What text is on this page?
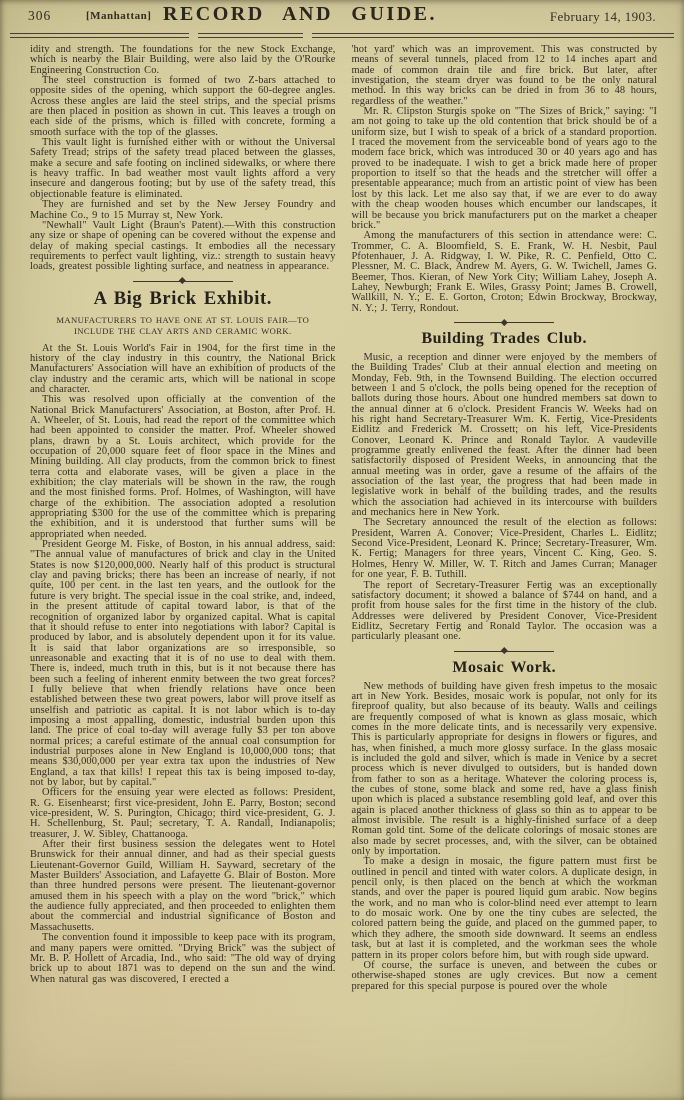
306	[Manhattan] RECORD AND GUIDE.	February 14, 1903.

idity and strength. The foundations for the new Stock Exchange, which is nearby the Blair Building, were also laid by the O'Rourke Engineering Construction Co.

The steel construction is formed of two Z-bars attached to opposite sides of the opening, which support the 60-degree angles. Across these angles are laid the steel strips, and the special prisms are then placed in position as shown in cut. This leaves a trough on each side of the prisms, which is filled with concrete, forming a smooth surface with the top of the glasses.

This vault light is furnished either with or without the Universal Safety Tread; strips of the safety tread placed between the glasses, make a secure and safe footing on inclined sidewalks, or where there is heavy traffic. In bad weather most vault lights afford a very insecure and dangerous footing; but by use of the safety tread, this objectionable feature is eliminated.

They are furnished and set by the New Jersey Foundry and Machine Co., 9 to 15 Murray st, New York.

"Newhall" Vault Light (Braun's Patent).—With this construction any size or shape of opening can be covered without the expense and delay of making special castings. It embodies all the necessary requirements to perfect vault lighting, viz.: strength to sustain heavy loads, greatest possible lighting surface, and neatness in appearance.

A Big Brick Exhibit.
MANUFACTURERS TO HAVE ONE AT ST. LOUIS FAIR—TO INCLUDE THE CLAY ARTS AND CERAMIC WORK.

At the St. Louis World's Fair in 1904, for the first time in the history of the clay industry in this country, the National Brick Manufacturers' Association will have an exhibition of products of the clay industry and the ceramic arts, which will be national in scope and character.

This was resolved upon officially at the convention of the National Brick Manufacturers' Association, at Boston, after Prof. H. A. Wheeler, of St. Louis, had read the report of the committee which had been appointed to consider the matter. Prof. Wheeler showed plans, drawn by a St. Louis architect, which provide for the occupation of 20,000 square feet of floor space in the Mines and Mining building. All clay products, from the common brick to finest terra cotta and elaborate vases, will be given a place in the exhibition; the clay materials will be shown in the raw, the rough and the most finished forms. Prof. Holmes, of Washington, will have charge of the exhibition. The association adopted a resolution appropriating $300 for the use of the committee which is preparing the exhibition, and it is understood that further sums will be appropriated when needed.

President George M. Fiske, of Boston, in his annual address, said: "The annual value of manufactures of brick and clay in the United States is now $120,000,000. Nearly half of this product is structural clay and paving bricks; there has been an increase of nearly, if not quite, 100 per cent. in the last ten years, and the outlook for the future is very bright. The special issue in the coal strike, and, indeed, in the present attitude of capital toward labor, is that of the recognition of organized labor by organized capital. What is capital that it should refuse to enter into negotiations with labor? Capital is produced by labor, and is absolutely dependent upon it for its value. It is said that labor organizations are so irresponsible, so unreasonable and exacting that it is of no use to deal with them. There is, indeed, much truth in this, but is it not because there has been such a feeling of inherent enmity between the two great forces? I fully believe that when friendly relations have once been established between these two great powers, labor will prove itself as unselfish and patriotic as capital. It is not labor which is to-day imposing a most appalling, domestic, industrial burden upon this land. The price of coal to-day will average fully $3 per ton above normal prices; a careful estimate of the annual coal consumption for industrial purposes alone in New England is 10,000,000 tons; that means $30,000,000 per year extra tax upon the industries of New England, a tax that kills! I repeat this tax is being imposed to-day, not by labor, but by capital."

Officers for the ensuing year were elected as follows: President, R. G. Eisenhearst; first vice-president, John E. Parry, Boston; second vice-president, W. S. Purington, Chicago; third vice-president, G. J. H. Schellenburg, St. Paul; secretary, T. A. Randall, Indianapolis; treasurer, J. W. Sibley, Chattanooga.

After their first business session the delegates went to Hotel Brunswick for their annual dinner, and had as their special guests Lieutenant-Governor Guild, William H. Sayward, secretary of the Master Builders' Association, and Lafayette G. Blair of Boston. More than three hundred persons were present. The lieutenant-governor amused them in his speech with a play on the word "brick," which the audience fully appreciated, and then proceeded to enlighten them about the commercial and industrial significance of Boston and Massachusetts.

The convention found it impossible to keep pace with its program, and many papers were omitted. "Drying Brick" was the subject of Mr. B. P. Hollett of Arcadia, Ind., who said: "The old way of drying brick up to about 1871 was to depend on the sun and the wind. When natural gas was discovered, I erected a

'hot yard' which was an improvement. This was constructed by means of several tunnels, placed from 12 to 14 inches apart and made of common drain tile and fire brick. But later, after investigation, the steam dryer was found to be the only natural method. In this way bricks can be dried in from 36 to 48 hours, regardless of the weather."

Mr. R. Clipston Sturgis spoke on "The Sizes of Brick," saying: "I am not going to take up the old contention that brick should be of a uniform size, but I wish to speak of a brick of a standard proportion. I traced the movement from the serviceable bond of years ago to the modern face brick, which was introduced 30 or 40 years ago and has proved to be inadequate. I wish to get a brick made here of proper proportion to itself so that the heads and the stretcher will offer a presentable appearance; much from an artistic point of view has been lost by this lack. Let me also say that, if we are ever to do away with the cheap wooden houses which encumber our landscapes, it will be because you brick manufacturers put on the market a cheaper brick."

Among the manufacturers of this section in attendance were: C. Trommer, C. A. Bloomfield, S. E. Frank, W. H. Nesbit, Paul Pfotenhauer, J. A. Ridgway, I. W. Pike, R. C. Penfield, Otto C. Plessner, M. C. Black, Andrew M. Ayers, G. W. Twichell, James G. Beemer, Thos. Kieran, of New York City; William Lahey, Joseph A. Lahey, Newburgh; Frank E. Wiles, Grassy Point; James B. Crowell, Wallkill, N. Y.; E. E. Gorton, Croton; Edwin Brockway, Brockway, N. Y.; J. Terry, Rondout.

Building Trades Club.

Music, a reception and dinner were enjoyed by the members of the Building Trades' Club at their annual election and meeting on Monday, Feb. 9th, in the Townsend Building. The election occurred between 1 and 5 o'clock, the polls being opened for the reception of ballots during those hours. About one hundred members sat down to the annual dinner at 6 o'clock. President Francis W. Weeks had on his right hand Secretary-Treasurer Wm. K. Fertig, Vice-Presidents Eidlitz and Frederick M. Crossett; on his left, Vice-Presidents Conover, Leonard K. Prince and Ronald Taylor. A vaudeville programme greatly enlivened the feast. After the dinner had been satisfactorily disposed of President Weeks, in announcing that the annual meeting was in order, gave a resume of the affairs of the association of the last year, the progress that had been made in legislative work in behalf of the building trades, and the results which the association had achieved in its intercourse with builders and mechanics here in New York.

The Secretary announced the result of the election as follows: President, Warren A. Conover; Vice-President, Charles L. Eidlitz; Second Vice-President, Leonard K. Prince; Secretary-Treasurer, Wm. K. Fertig; Managers for three years, Vincent C. King, Geo. S. Holmes, Henry W. Miller, W. T. Ritch and James Curran; Manager for one year, F. B. Tuthill.

The report of Secretary-Treasurer Fertig was an exceptionally satisfactory document; it showed a balance of $744 on hand, and a profit from house sales for the first time in the history of the club. Addresses were delivered by President Conover, Vice-President Eidlitz, Secretary Fertig and Ronald Taylor. The occasion was a particularly pleasant one.

Mosaic Work.

New methods of building have given fresh impetus to the mosaic art in New York. Besides, mosaic work is popular, not only for its fireproof quality, but also because of its beauty. Walls and ceilings are frequently composed of what is known as glass mosaic, which comes in the more delicate tints, and is necessarily very expensive. This is particularly appropriate for designs in flowers or figures, and has, when finished, a much more glossy surface. In the glass mosaic is included the gold and silver, which is made in Venice by a secret process which is never divulged to outsiders, but is handed down from father to son as a heritage. Whatever the coloring process is, the cubes of stone, some black and some red, have a glass finish upon which is placed a substance resembling gold leaf, and over this again is placed another thickness of glass so thin as to appear to be almost invisible. The result is a highly-finished surface of a deep Roman gold tint. Some of the delicate colorings of mosaic stones are also made by secret processes, and, with the silver, can be obtained only by importation.

To make a design in mosaic, the figure pattern must first be outlined in pencil and tinted with water colors. A duplicate design, in pencil only, is then placed on the bench at which the workman stands, and over the paper is poured liquid gum arabic. Now begins the work, and no man who is color-blind need ever attempt to learn to do mosaic work. One by one the tiny cubes are selected, the colored pattern being the guide, and placed on the gummed paper, to which they adhere, the smooth side downward. It seems an endless task, but at last it is completed, and the workman sees the whole pattern in its proper colors before him, but with rough side upward.

Of course, the surface is uneven, and between the cubes or otherwise-shaped stones are ugly crevices. But now a cement prepared for this special purpose is poured over the whole
